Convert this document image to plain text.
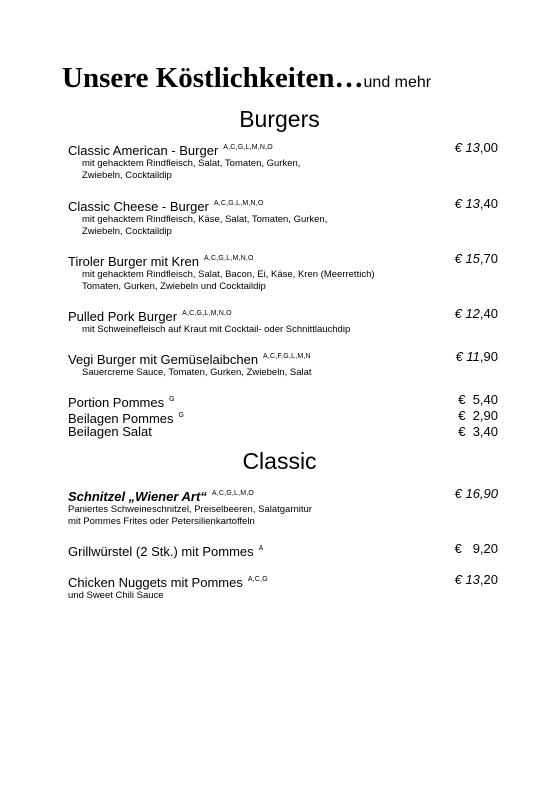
Unsere Köstlichkeiten…und mehr
Burgers
Classic American - Burger $^{A,C,G,L,M,N,O}$
mit gehacktem Rindfleisch, Salat, Tomaten, Gurken,
Zwiebeln, Cocktaildip
€ 13,00
Classic Cheese - Burger $^{A,C,G,L,M,N,O}$
mit gehacktem Rindfleisch, Käse, Salat, Tomaten, Gurken,
Zwiebeln, Cocktaildip
€ 13,40
Tiroler Burger mit Kren $^{A,C,G,L,M,N,O}$
mit gehacktem Rindfleisch, Salat, Bacon, Ei, Käse, Kren (Meerrettich)
Tomaten, Gurken, Zwiebeln und Cocktaildip
€ 15,70
Pulled Pork Burger $^{A,C,G,L,M,N,O}$
mit Schweinefleisch auf Kraut mit Cocktail- oder Schnittlauchdip
€ 12,40
Vegi Burger mit Gemüselaibchen $^{A,C,F,G,L,M,N}$
Sauercreme Sauce, Tomaten, Gurken, Zwiebeln, Salat
€ 11,90
Portion Pommes $^G$	€  5,40
Beilagen Pommes $^G$	€  2,90
Beilagen Salat	€  3,40
Classic
Schnitzel „Wiener Art“ $^{A,C,G,L,M,O}$
Paniertes Schweineschnitzel, Preiselbeeren, Salatgarnitur
mit Pommes Frites oder Petersilienkartoffeln
€ 16,90
Grillwürstel (2 Stk.) mit Pommes $^A$	€   9,20
Chicken Nuggets mit Pommes $^{A,C,G}$
und Sweet Chili Sauce
€ 13,20
